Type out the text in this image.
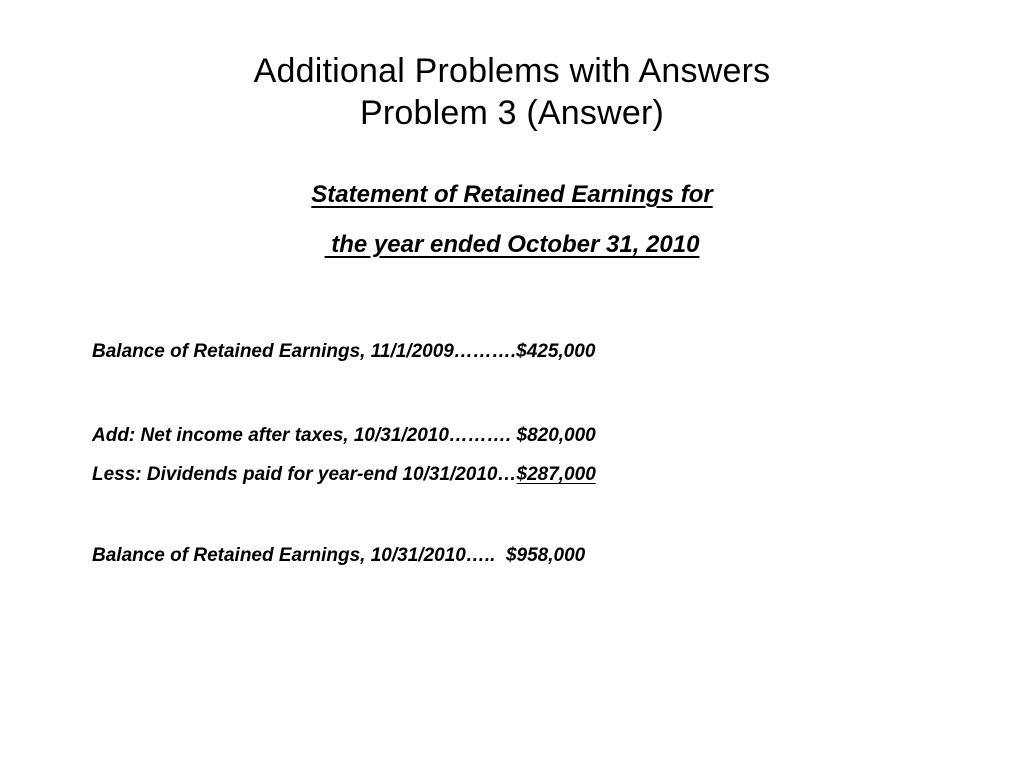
Additional Problems with Answers
Problem 3 (Answer)
Statement of Retained Earnings for
the year ended October 31, 2010
Balance of Retained Earnings, 11/1/2009……….$425,000
Add: Net income after taxes, 10/31/2010………. $820,000
Less: Dividends paid for year-end 10/31/2010…$287,000
Balance of Retained Earnings, 10/31/2010…..  $958,000
